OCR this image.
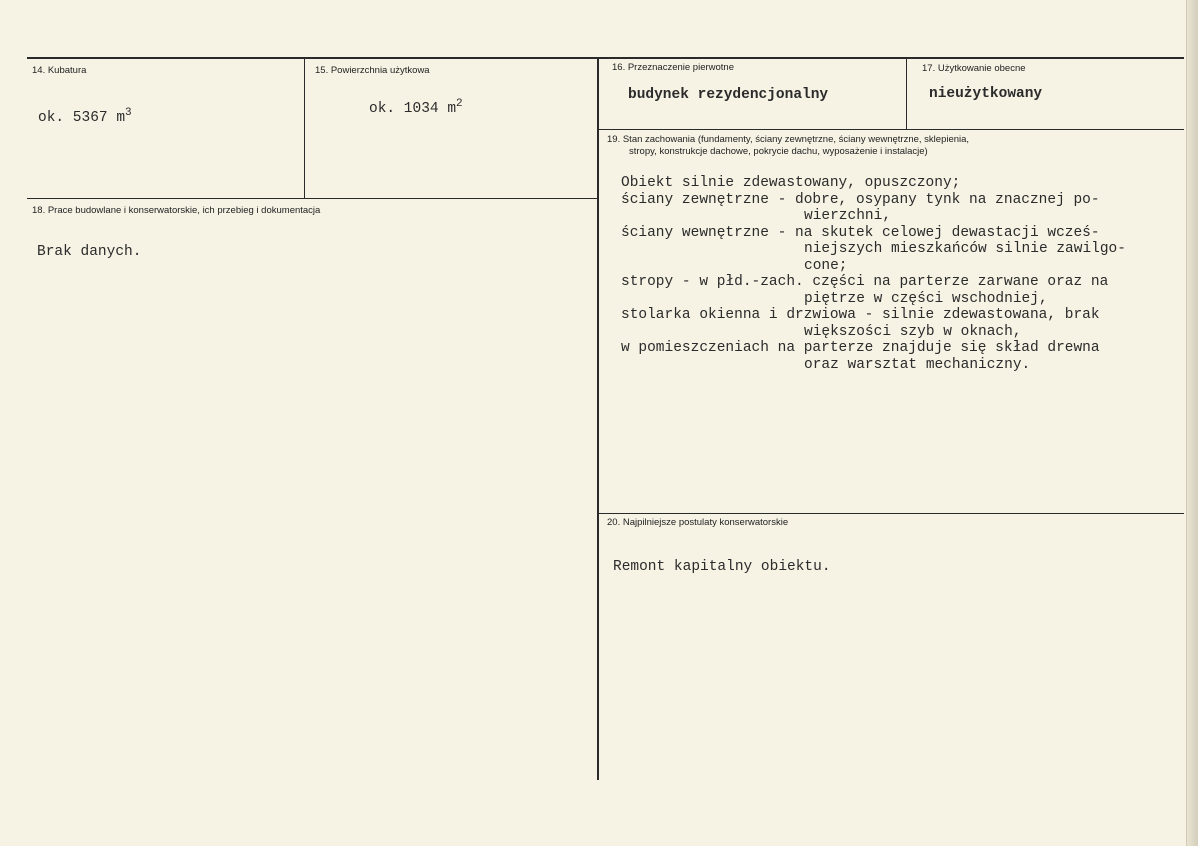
14. Kubatura
ok. 5367 $m^3$
15. Powierzchnia użytkowa
ok. 1034 $m^2$
16. Przeznaczenie pierwotne
budynek rezydencjonalny
17. Użytkowanie obecne
nieużytkowany
18. Prace budowlane i konserwatorskie, ich przebieg i dokumentacja
Brak danych.
19. Stan zachowania (fundamenty, ściany zewnętrzne, ściany wewnętrzne, sklepienia,
stropy, konstrukcje dachowe, pokrycie dachu, wyposażenie i instalacje)
Obiekt silnie zdewastowany, opuszczony;
ściany zewnętrzne - dobre, osypany tynk na znacznej po-
wierzchni,
ściany wewnętrzne - na skutek celowej dewastacji wcześ-
niejszych mieszkańców silnie zawilgo-
cone;
stropy - w płd.-zach. części na parterze zarwane oraz na
piętrze w części wschodniej,
stolarka okienna i drzwiowa - silnie zdewastowana, brak
większości szyb w oknach,
w pomieszczeniach na parterze znajduje się skład drewna
oraz warsztat mechaniczny.
20. Najpilniejsze postulaty konserwatorskie
Remont kapitalny obiektu.
